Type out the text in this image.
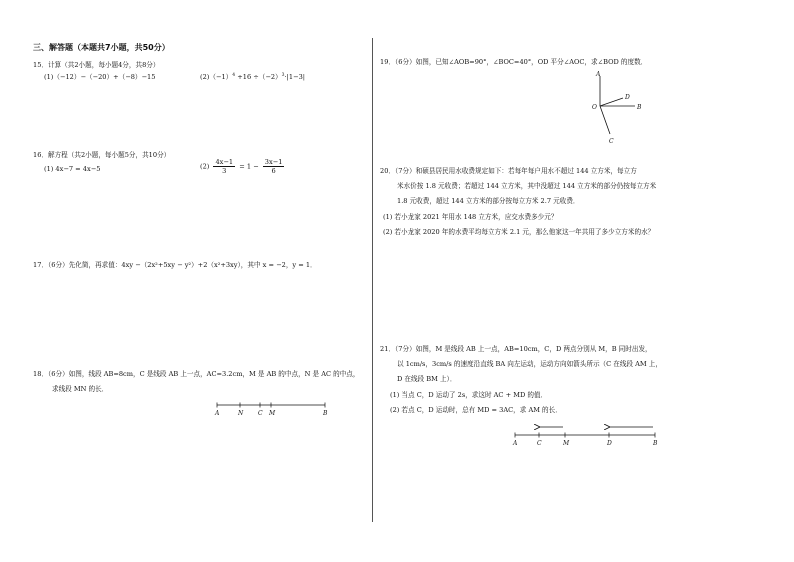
三、解答题（本题共7小题，共50分）
15．计算（共2小题，每小题4分，共8分）
(1)（−12）−（−20）+（−8）−15	$(2)(-1)^4 +16 \div(-2)^3\cdot|1-3|$
16．解方程（共2小题，每小题5分，共10分）
(1) 4x−7 = 4x−5	$(2) \frac{4x-1}{3} = 1 - \frac{3x-1}{6}$
17．（6分）先化简，再求值：4xy −（2x²+5xy − y²）+2（x²+3xy），其中 x = −2，y = 1．
18．（6分）如图，线段 AB=8cm，C 是线段 AB 上一点，AC=3.2cm，M 是 AB 的中点，N 是 AC 的中点，
求线段 MN 的长．
A	N C M	B
19．（6分）如图，已知∠AOB=90°，∠BOC=40°，OD 平分∠AOC，求∠BOD 的度数．
A
D
O	B
C
20．（7分）和硕县居民用水收费规定如下：若每年每户用水不超过 144 立方米，每立方
米水价按 1.8 元收费；若超过 144 立方米，其中没超过 144 立方米的部分仍按每立方米
1.8 元收费，超过 144 立方米的部分按每立方米 2.7 元收费．
(1) 若小龙家 2021 年用水 148 立方米，应交水费多少元？
(2) 若小龙家 2020 年的水费平均每立方米 2.1 元，那么他家这一年共用了多少立方米的水？
21．（7分）如图，M 是线段 AB 上一点，AB=10cm，C，D 两点分别从 M，B 同时出发，
以 1cm/s，3cm/s 的速度沿直线 BA 向左运动，运动方向如箭头所示（C 在线段 AM 上，
D 在线段 BM 上）．
(1) 当点 C，D 运动了 2s，求这时 AC + MD 的值．
(2) 若点 C，D 运动时，总有 MD = 3AC，求 AM 的长．
A	C	M	D	B
